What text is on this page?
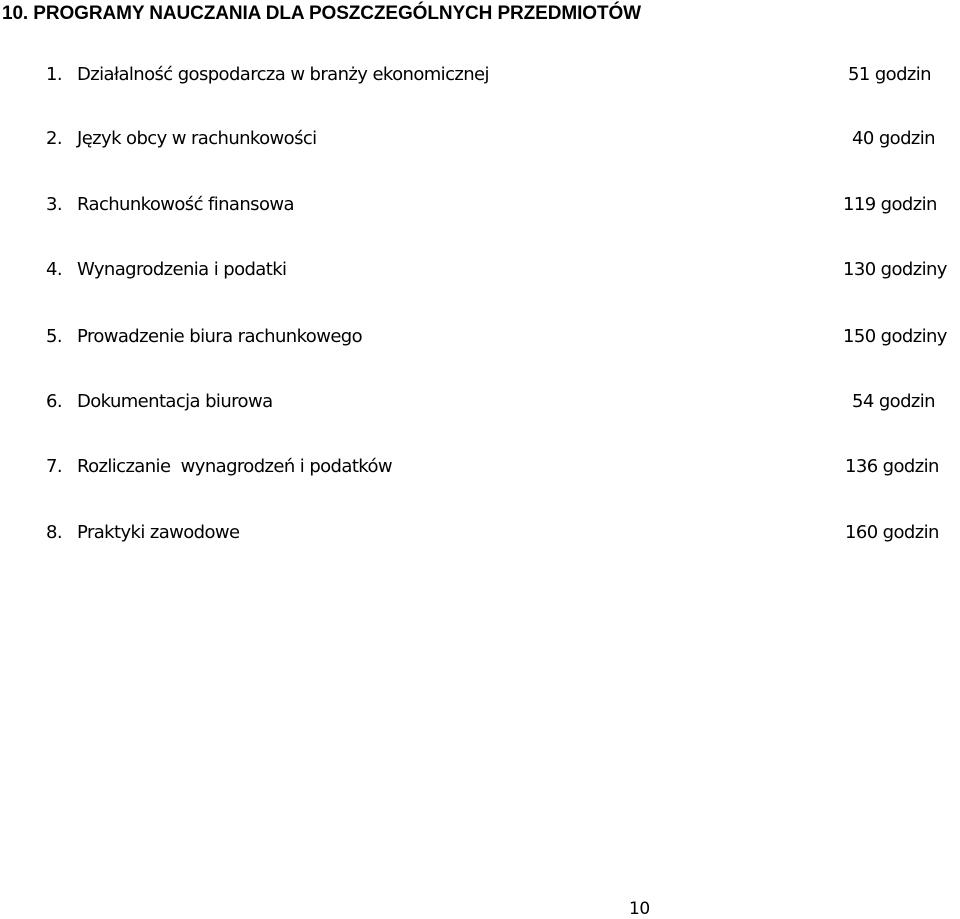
10. PROGRAMY NAUCZANIA DLA POSZCZEGÓLNYCH PRZEDMIOTÓW
1. Działalność gospodarcza w branży ekonomicznej	51 godzin
2. Język obcy w rachunkowości	40 godzin
3. Rachunkowość finansowa	119 godzin
4. Wynagrodzenia i podatki	130 godziny
5. Prowadzenie biura rachunkowego	150 godziny
6. Dokumentacja biurowa	54 godzin
7. Rozliczanie  wynagrodzeń i podatków	136 godzin
8. Praktyki zawodowe	160 godzin
10
